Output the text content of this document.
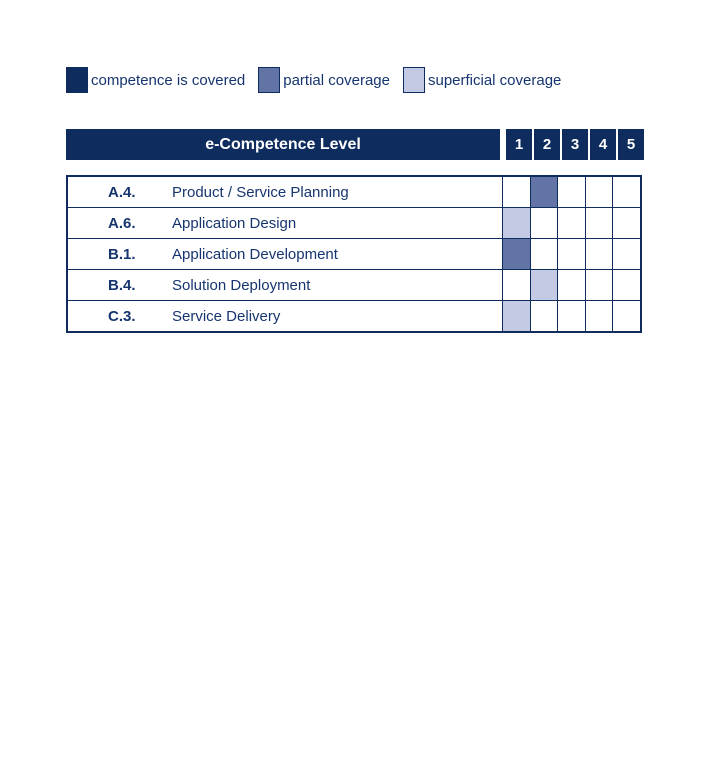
competence is covered	partial coverage	superficial coverage
e-Competence Level	1	2	3	4	5
A.4.	Product / Service Planning
A.6.	Application Design
B.1.	Application Development
B.4.	Solution Deployment
C.3.	Service Delivery
